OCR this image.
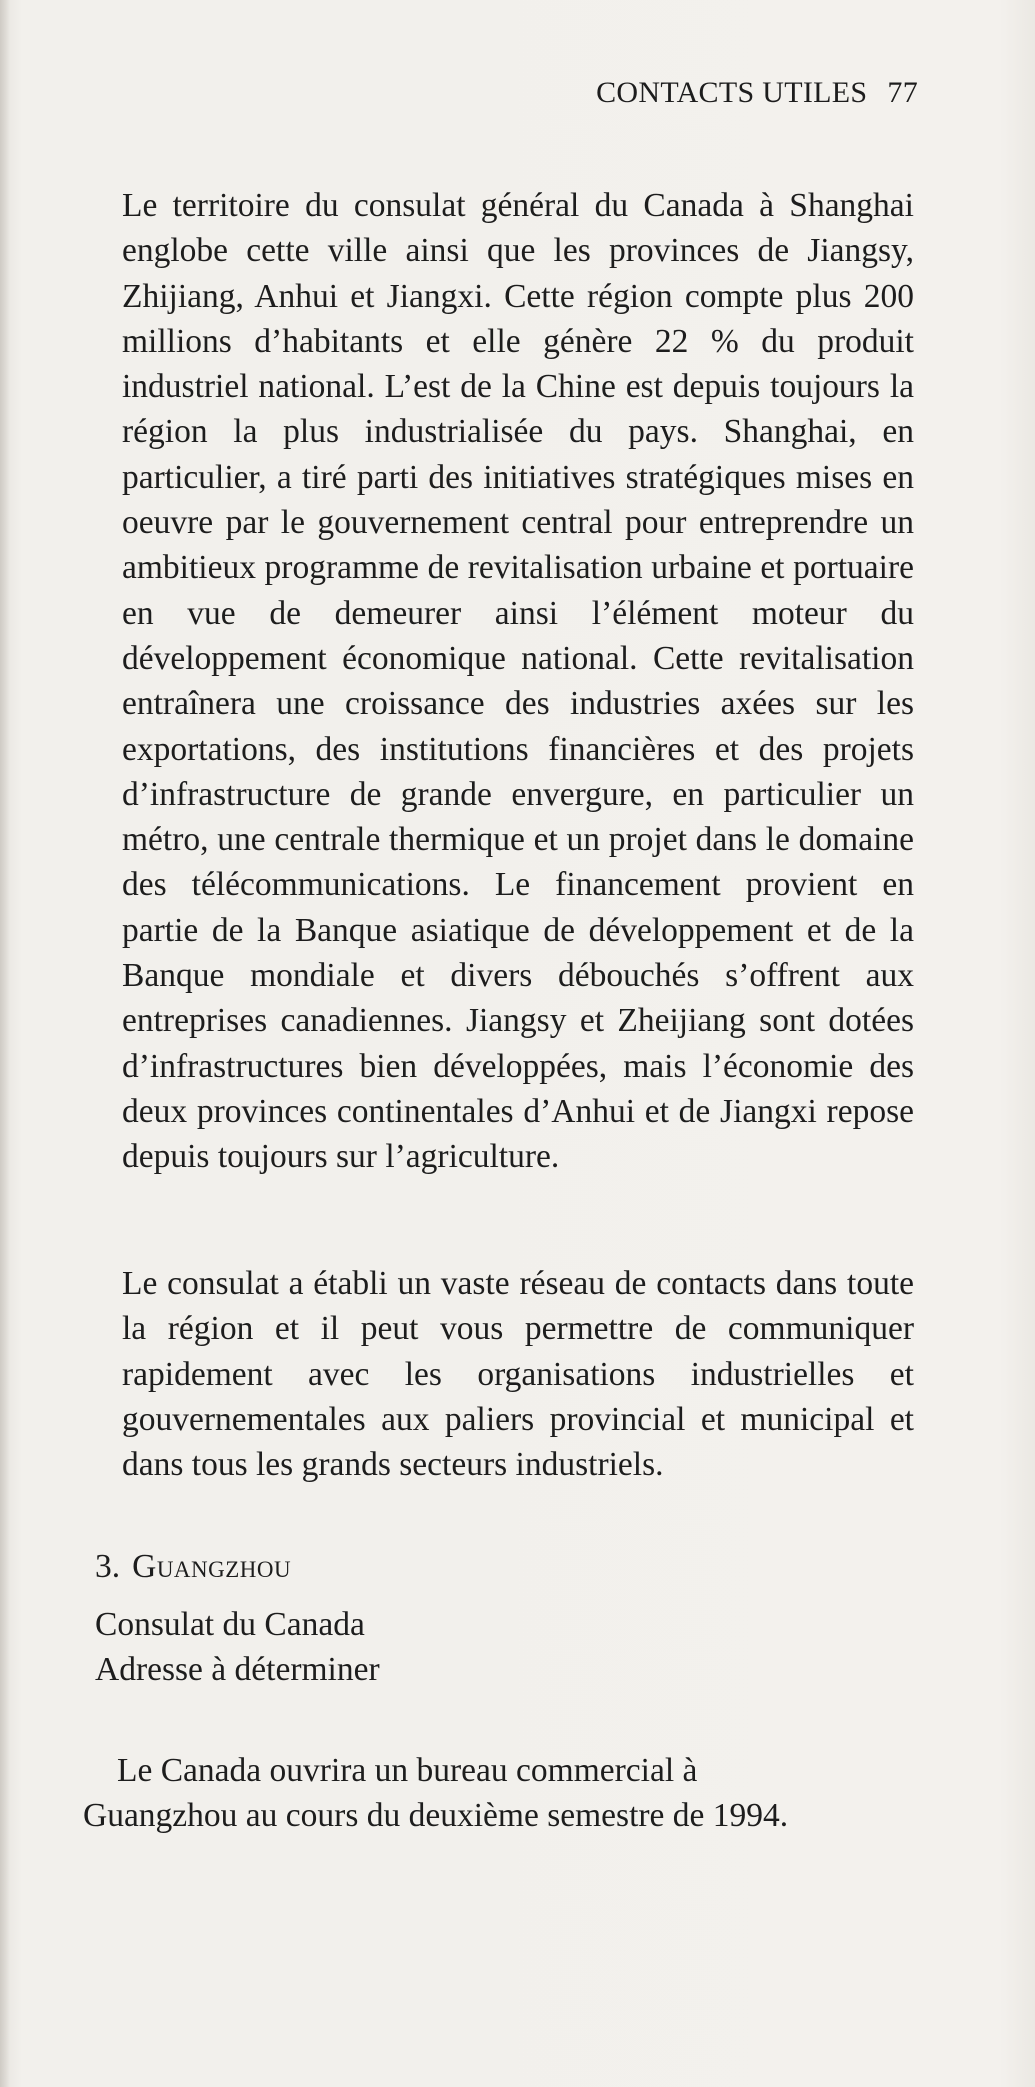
CONTACTS UTILES 77

Le territoire du consulat général du Canada à Shanghai englobe cette ville ainsi que les provinces de Jiangsy, Zhijiang, Anhui et Jiangxi. Cette région compte plus 200 millions d’habitants et elle génère 22 % du produit industriel national. L’est de la Chine est depuis toujours la région la plus industrialisée du pays. Shanghai, en particulier, a tiré parti des initiatives stratégiques mises en oeuvre par le gouvernement central pour entreprendre un ambitieux programme de revitalisation urbaine et portuaire en vue de demeurer ainsi l’élément moteur du développement économique national. Cette revitalisation entraînera une croissance des industries axées sur les exportations, des institutions financières et des projets d’infrastructure de grande envergure, en particulier un métro, une centrale thermique et un projet dans le domaine des télécommunications. Le financement provient en partie de la Banque asiatique de développement et de la Banque mondiale et divers débouchés s’offrent aux entreprises canadiennes. Jiangsy et Zheijiang sont dotées d’infrastructures bien développées, mais l’économie des deux provinces continentales d’Anhui et de Jiangxi repose depuis toujours sur l’agriculture.

Le consulat a établi un vaste réseau de contacts dans toute la région et il peut vous permettre de communiquer rapidement avec les organisations industrielles et gouvernementales aux paliers provincial et municipal et dans tous les grands secteurs industriels.

3. Guangzhou
Consulat du Canada
Adresse à déterminer
Le Canada ouvrira un bureau commercial à
Guangzhou au cours du deuxième semestre de 1994.
